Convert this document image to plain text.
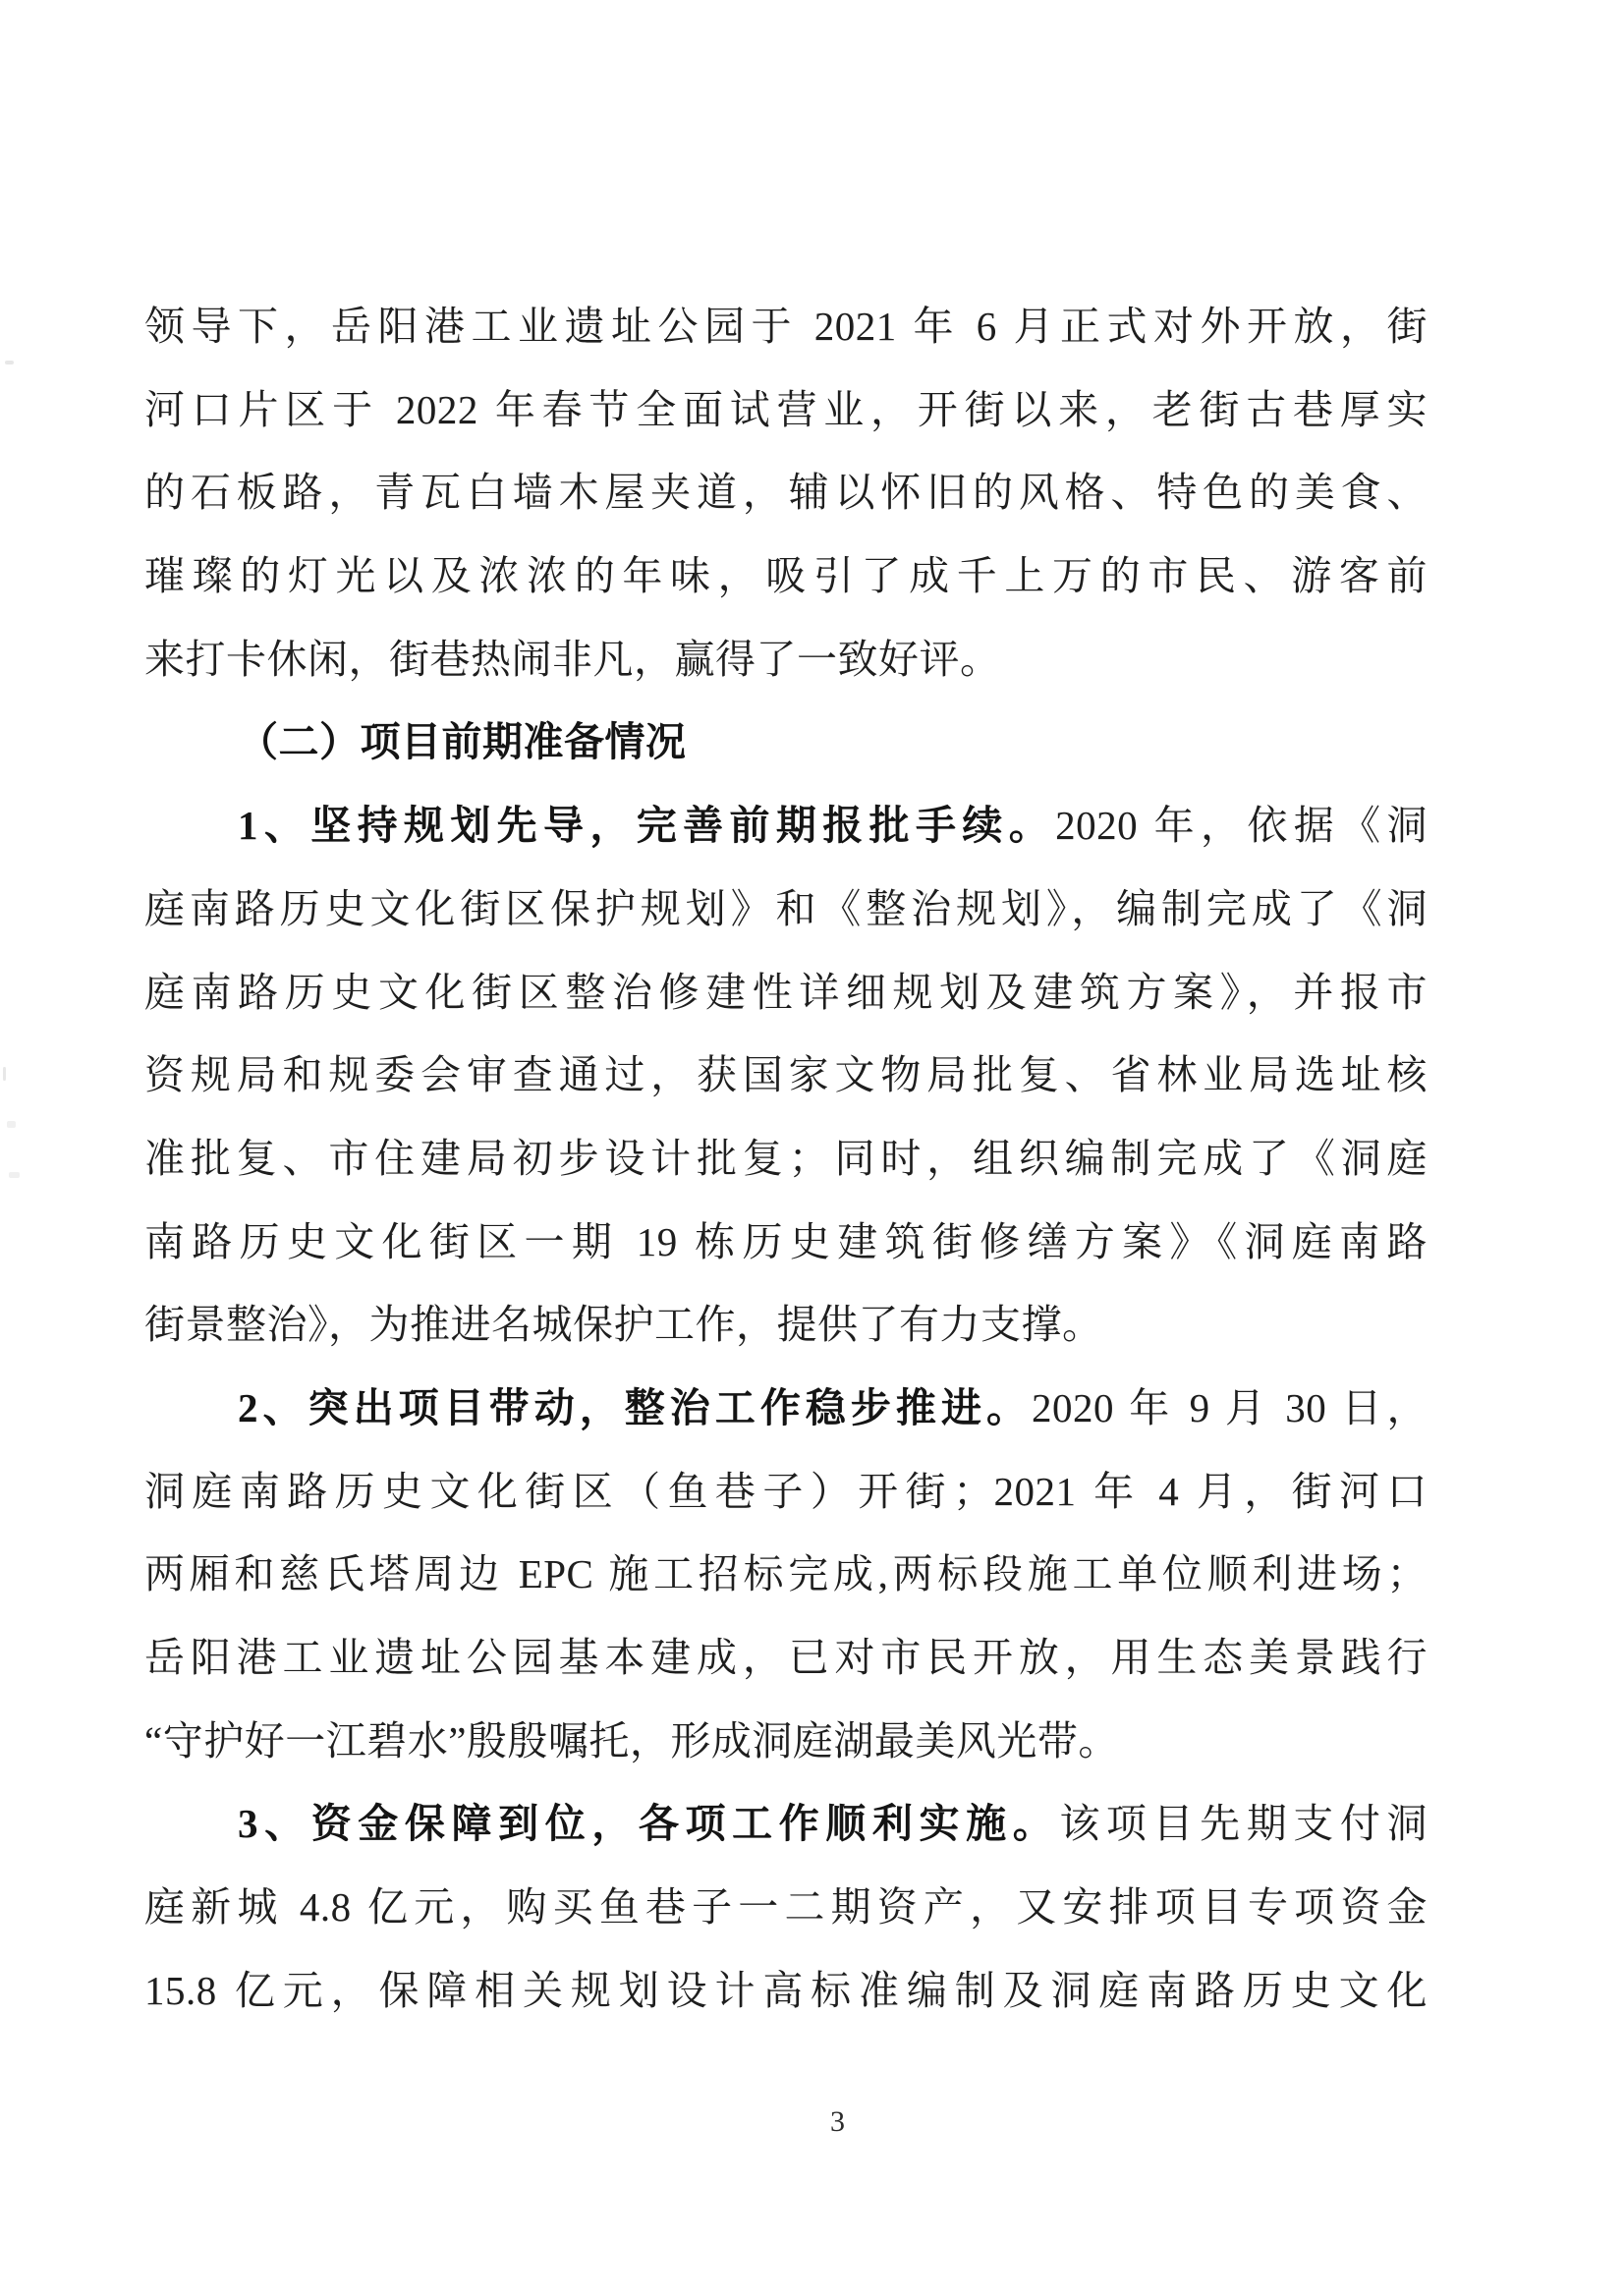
领导下，岳阳港工业遗址公园于 2021 年 6 月正式对外开放，街
河口片区于 2022 年春节全面试营业，开街以来，老街古巷厚实
的石板路，青瓦白墙木屋夹道，辅以怀旧的风格、特色的美食、
璀璨的灯光以及浓浓的年味，吸引了成千上万的市民、游客前
来打卡休闲，街巷热闹非凡，赢得了一致好评。
（二）项目前期准备情况
1、坚持规划先导，完善前期报批手续。2020 年，依据《洞
庭南路历史文化街区保护规划》和《整治规划》，编制完成了《洞
庭南路历史文化街区整治修建性详细规划及建筑方案》，并报市
资规局和规委会审查通过，获国家文物局批复、省林业局选址核
准批复、市住建局初步设计批复；同时，组织编制完成了《洞庭
南路历史文化街区一期 19 栋历史建筑街修缮方案》《洞庭南路
街景整治》，为推进名城保护工作，提供了有力支撑。
2、突出项目带动，整治工作稳步推进。2020 年 9 月 30 日，
洞庭南路历史文化街区（鱼巷子）开街；2021 年 4 月，街河口
两厢和慈氏塔周边 EPC 施工招标完成,两标段施工单位顺利进场；
岳阳港工业遗址公园基本建成，已对市民开放，用生态美景践行
“守护好一江碧水”殷殷嘱托，形成洞庭湖最美风光带。
3、资金保障到位，各项工作顺利实施。该项目先期支付洞
庭新城 4.8 亿元，购买鱼巷子一二期资产，又安排项目专项资金
15.8 亿元，保障相关规划设计高标准编制及洞庭南路历史文化
3
